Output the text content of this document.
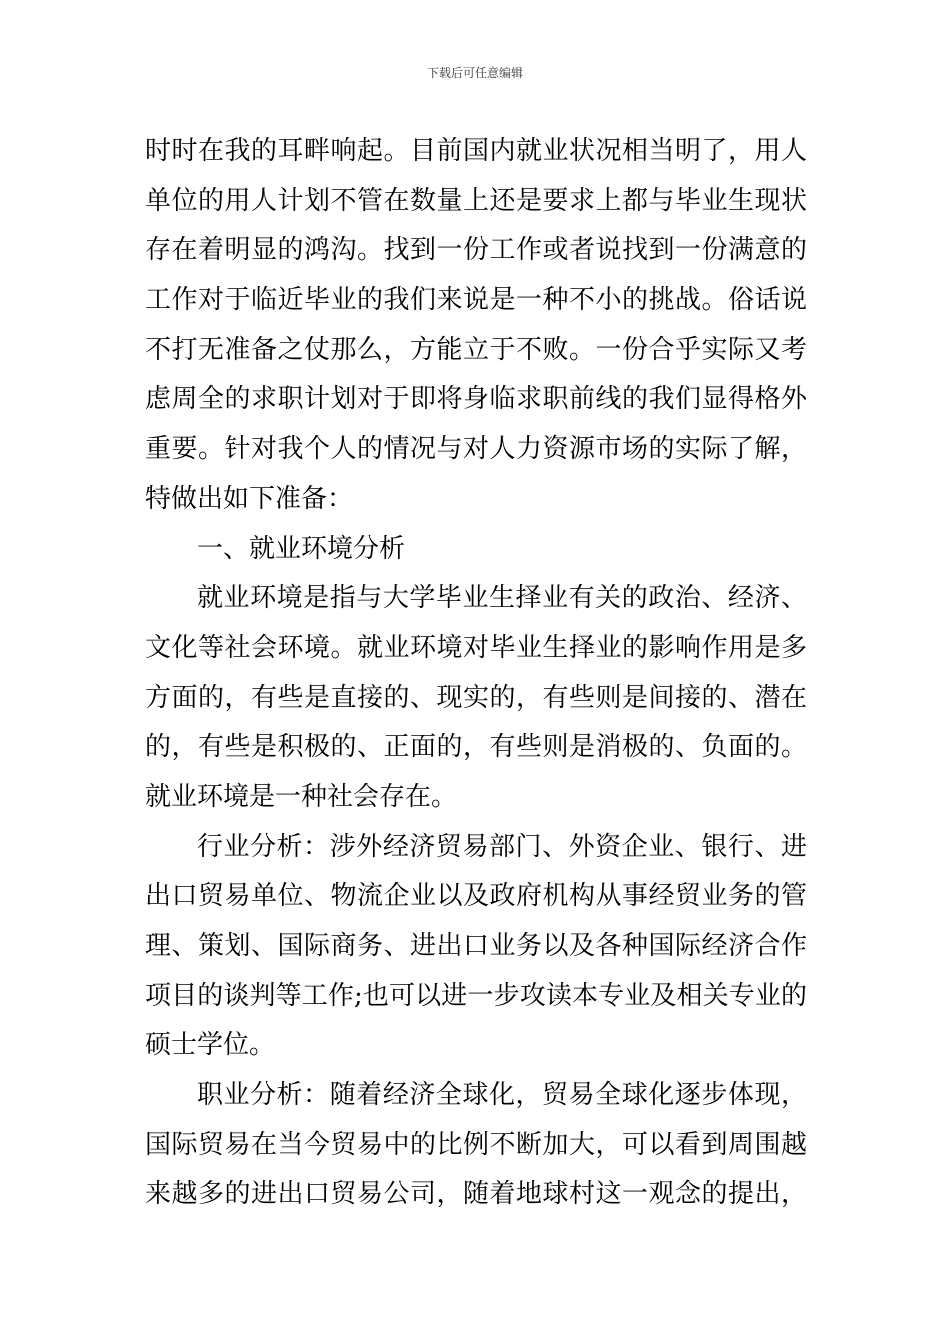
下载后可任意编辑
时时在我的耳畔响起。目前国内就业状况相当明了，用人
单位的用人计划不管在数量上还是要求上都与毕业生现状
存在着明显的鸿沟。找到一份工作或者说找到一份满意的
工作对于临近毕业的我们来说是一种不小的挑战。俗话说
不打无准备之仗那么，方能立于不败。一份合乎实际又考
虑周全的求职计划对于即将身临求职前线的我们显得格外
重要。针对我个人的情况与对人力资源市场的实际了解，
特做出如下准备：
一、就业环境分析
就业环境是指与大学毕业生择业有关的政治、经济、
文化等社会环境。就业环境对毕业生择业的影响作用是多
方面的，有些是直接的、现实的，有些则是间接的、潜在
的，有些是积极的、正面的，有些则是消极的、负面的。
就业环境是一种社会存在。
行业分析：涉外经济贸易部门、外资企业、银行、进
出口贸易单位、物流企业以及政府机构从事经贸业务的管
理、策划、国际商务、进出口业务以及各种国际经济合作
项目的谈判等工作;也可以进一步攻读本专业及相关专业的
硕士学位。
职业分析：随着经济全球化，贸易全球化逐步体现，
国际贸易在当今贸易中的比例不断加大，可以看到周围越
来越多的进出口贸易公司，随着地球村这一观念的提出，
